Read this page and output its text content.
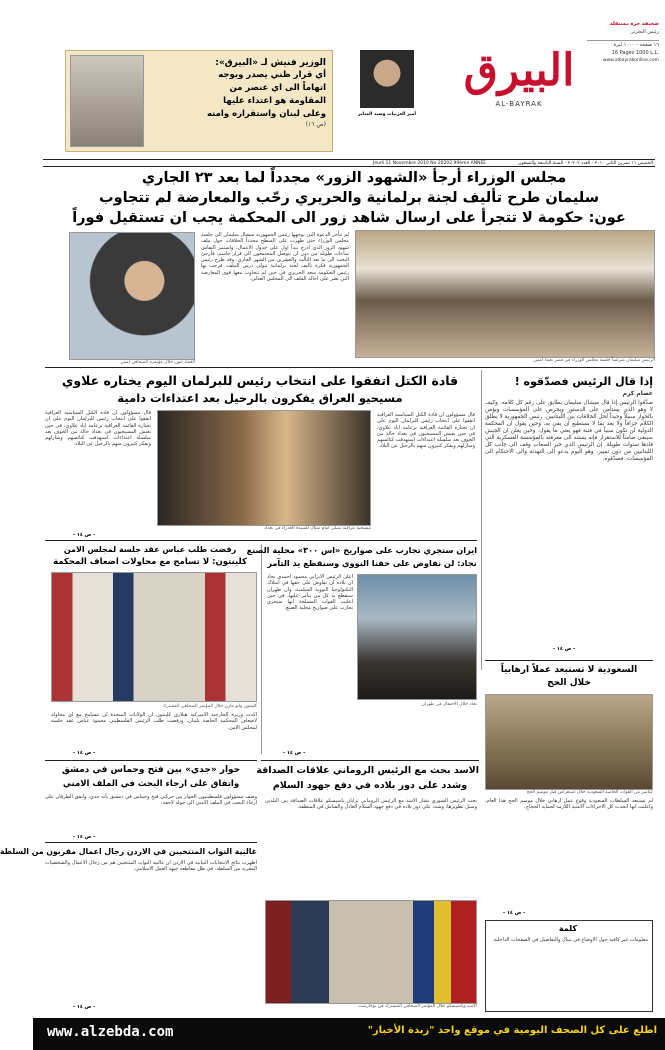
صحيفة حرة مستقلة
رئيس التحرير
١٦ صفحة - ١٠٠٠ ليرة
16 Pages 1000 L.L.
www.albayrakonline.com
البيرق
AL-BAYRAK
أمير العربيات وسيد المنابر
الوزير فنيش لـ «البيرق»:
أي قرار ظني يصدر ويوجه
اتهاماً الى اي عنصر من
المقاومة هو اعتداء عليها
وعلى لبنان واستقراره وامنه
(ص ١٦)
الخميس ١١ تشرين الثاني ٢٠١٠ - العدد ٢٠٢٠٢ - السنة التاسعة والتسعون
Jeudi 11 Novembre 2010 No 20202 99ème ANNÉE
مجلس الوزراء أرجأ «الشهود الزور» مجدداً لما بعد ٢٣ الجاري
سليمان طرح تأليف لجنة برلمانية والحريري رحّب والمعارضة لم تتجاوب
عون: حكومة لا تتجرأ على ارسال شاهد زور الى المحكمة يجب ان تستقيل فوراً
الرئيس سليمان مترئساً جلسة مجلس الوزراء في قصر بعبدا أمس
لم تتأخر الدعوة التي يوجهها رئيس الجمهورية ميشال سليمان الى جلسة مجلس الوزراء حتى ظهرت على السطح مجدداً الخلافات حول ملف شهود الزور الذي ادرج بنداً اول على جدول الاعمال، واستمر النقاش ساعات طويلة من دون ان يتوصل المجتمعون الى قرار حاسم، فأرجئ البحث الى ما بعد الثالث والعشرين من الشهر الجاري. وقد طرح رئيس الجمهورية فكرة تأليف لجنة برلمانية تتولى درس الملف، فرحب بها رئيس الحكومة سعد الحريري في حين لم تتجاوب معها قوى المعارضة التي تصر على احالة الملف الى المجلس العدلي.
العماد عون خلال مؤتمره الصحافي امس
قادة الكتل اتفقوا على انتخاب رئيس للبرلمان اليوم يختاره علاوي
مسيحيو العراق يفكرون بالرحيل بعد اعتداءات دامية
قال مسؤولون ان قادة الكتل السياسية العراقية اتفقوا على انتخاب رئيس للبرلمان اليوم على ان تختاره القائمة العراقية بزعامة اياد علاوي، في حين يعيش المسيحيون في بغداد حالة من الخوف بعد سلسلة اعتداءات استهدفت كنائسهم ومنازلهم ويفكر كثيرون منهم بالرحيل عن البلاد.
مسيحية عراقية تصلي امام تمثال للسيدة العذراء في بغداد
قال مسؤولون ان قادة الكتل السياسية العراقية اتفقوا على انتخاب رئيس للبرلمان اليوم على ان تختاره القائمة العراقية بزعامة اياد علاوي، في حين يعيش المسيحيون في بغداد حالة من الخوف بعد سلسلة اعتداءات استهدفت كنائسهم ومنازلهم ويفكر كثيرون منهم بالرحيل عن البلاد.
- ص ١٤ -
إذا قال الرئيس فصدّقوه !
عصام كرم
صدَّقوا الرئيس إذا قال ميشال سليمان بطابق على رقم كل كلامه. وكيف لا وهو الذي يستأمن على الدستور ويحرص على المؤسسات ويؤمن بالحوار سبيلاً وحيداً لحل الخلافات بين اللبنانيين. رئيس الجمهورية لا يطلق الكلام جزافاً ولا يعد بما لا يستطيع ان يفي به، وحين يقول ان المحكمة الدولية لن تكون سبباً في فتنة فهو يعني ما يقول. وحين يعلن ان الجيش سيبقى ضامناً للاستقرار فإنه يستند الى معرفته بالمؤسسة العسكرية التي قادها سنوات طويلة. إن الرئيس الذي خبر الصعاب وقف الى جانب كل اللبنانيين من دون تمييز، وهو اليوم يدعو الى التهدئة والى الاحتكام الى المؤسسات. فصدّقوه.
- ص ١٤ -
رفضت طلب عباس عقد جلسة لمجلس الامن
كلينتون: لا تسامح مع محاولات اضعاف المحكمة
كلينتون وابو مازن خلال المؤتمر الصحافي المشترك
اكدت وزيرة الخارجية الاميركية هيلاري كلينتون ان الولايات المتحدة لن تتسامح مع اي محاولة لاضعاف المحكمة الخاصة بلبنان، ورفضت طلب الرئيس الفلسطيني محمود عباس عقد جلسة لمجلس الامن.
- ص ١٤ -
ايران ستجري تجارب على صواريخ «اس ٣٠٠» محلية الصنع
نجاد: لن نفاوض على حقنا النووي وسنقطع يد التآمر
اعلن الرئيس الايراني محمود احمدي نجاد ان بلاده لن تفاوض على حقها في امتلاك التكنولوجيا النووية السلمية، وان طهران ستقطع يد كل من يتآمر عليها، في حين اعلنت القوات المسلحة انها ستجري تجارب على صواريخ محلية الصنع.
نجاد خلال الاحتفال في طهران
- ص ١٤ -
السعودية لا تستبعد عملاً ارهابياً
خلال الحج
عناصر من القوات الخاصة السعودية خلال استعراض قبل موسم الحج
لم تستبعد السلطات السعودية وقوع عمل ارهابي خلال موسم الحج هذا العام، واعلنت انها اتخذت كل الاجراءات الامنية اللازمة لحماية الحجاج.
- ص ١٤ -
حوار «جدي» بين فتح وحماس في دمشق
واتفاق على ارجاء البحث في الملف الامني
وصف مسؤولون فلسطينيون الحوار بين حركتي فتح وحماس في دمشق بأنه جدي، واتفق الطرفان على ارجاء البحث في الملف الامني الى جولة لاحقة.
- ص ١٤ -
الاسد بحث مع الرئيس الروماني علاقات الصداقة
وشدد على دور بلاده في دفع جهود السلام
بحث الرئيس السوري بشار الاسد مع الرئيس الروماني ترايان باسيسكو علاقات الصداقة بين البلدين وسبل تطويرها، وشدد على دور بلاده في دفع جهود السلام العادل والشامل في المنطقة.
الاسد وباسيسكو خلال المؤتمر الصحافي المشترك في بوخارست
غالبية النواب المنتخبين في الاردن رجال اعمال مقربون من السلطة
اظهرت نتائج الانتخابات النيابية في الاردن ان غالبية النواب المنتخبين هم من رجال الاعمال والشخصيات المقربة من السلطة، في ظل مقاطعة جبهة العمل الاسلامي.
- ص ١٤ -
كلمة
معلومات غير كافية حول الاوضاع في نيبال والتفاصيل في الصفحات الداخلية.
اطلع على كل الصحف اليومية في موقع واحد "زبدة الأخبار"
www.alzebda.com
